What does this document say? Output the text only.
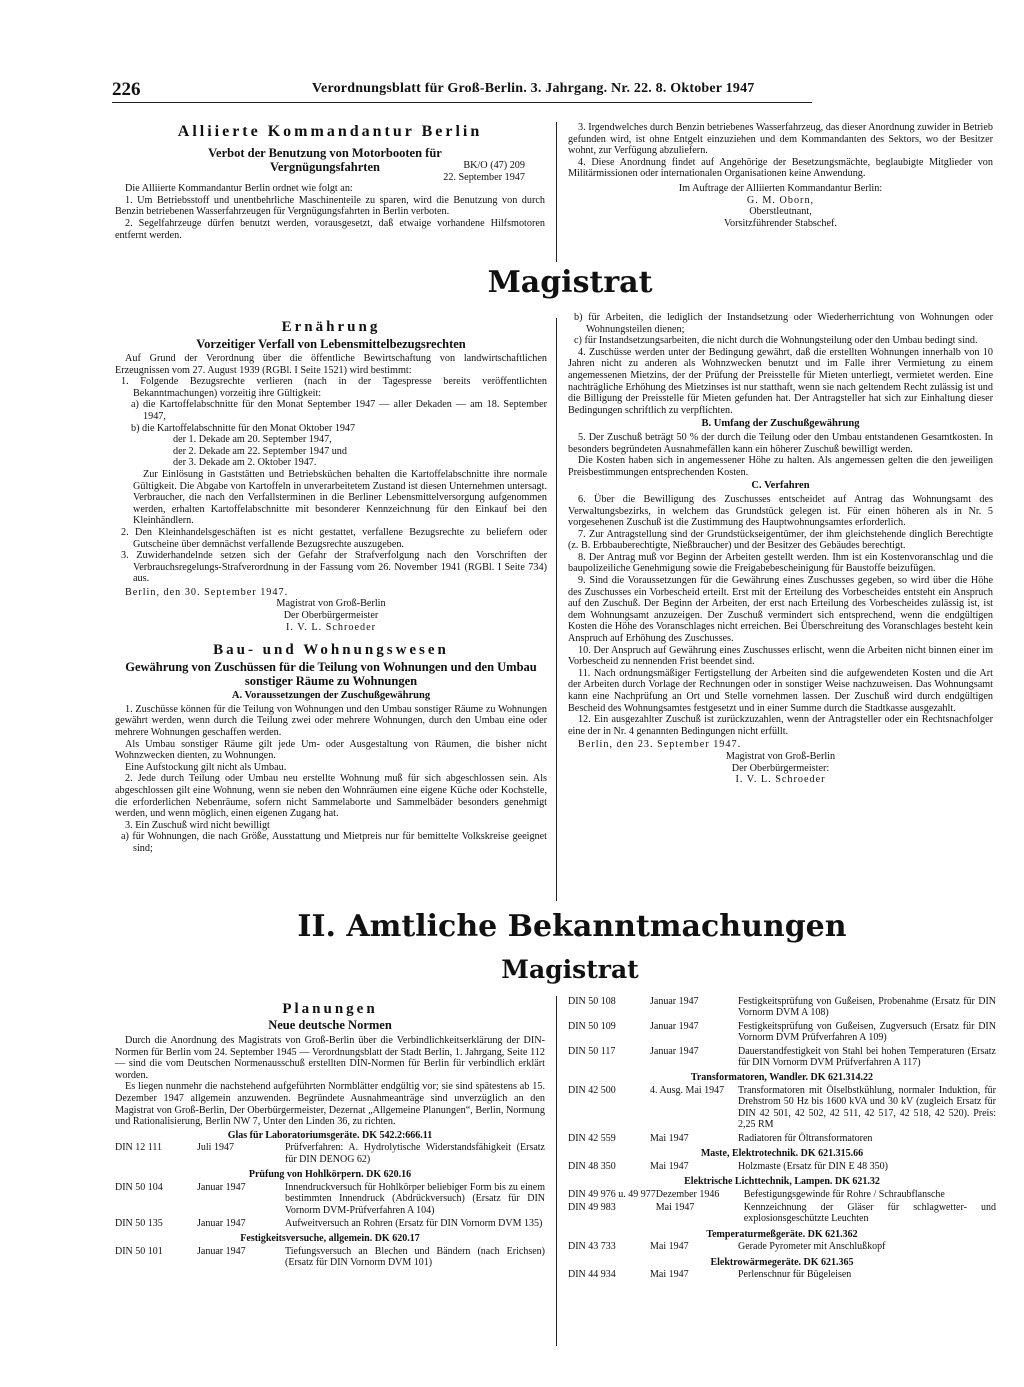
226	Verordnungsblatt für Groß-Berlin. 3. Jahrgang. Nr. 22. 8. Oktober 1947
Alliierte Kommandantur Berlin
Verbot der Benutzung von Motorbooten für Vergnügungsfahrten	BK/O (47) 209
22. September 1947

Die Alliierte Kommandantur Berlin ordnet wie folgt an:

1. Um Betriebsstoff und unentbehrliche Maschinenteile zu sparen, wird die Benutzung von durch Benzin betriebenen Wasserfahrzeugen für Vergnügungsfahrten in Berlin verboten.

2. Segelfahrzeuge dürfen benutzt werden, vorausgesetzt, daß etwaige vorhandene Hilfsmotoren entfernt werden.

3. Irgendwelches durch Benzin betriebenes Wasserfahrzeug, das dieser Anordnung zuwider in Betrieb gefunden wird, ist ohne Entgelt einzuziehen und dem Kommandanten des Sektors, wo der Besitzer wohnt, zur Verfügung abzuliefern.

4. Diese Anordnung findet auf Angehörige der Besetzungsmächte, beglaubigte Mitglieder von Militärmissionen oder internationalen Organisationen keine Anwendung.

Im Auftrage der Alliierten Kommandantur Berlin:
G. M. Oborn,
Oberstleutnant,
Vorsitzführender Stabschef.
Magistrat
Ernährung
Vorzeitiger Verfall von Lebensmittelbezugsrechten

Auf Grund der Verordnung über die öffentliche Bewirtschaftung von landwirtschaftlichen Erzeugnissen vom 27. August 1939 (RGBl. I Seite 1521) wird bestimmt:

1. Folgende Bezugsrechte verlieren (nach in der Tagespresse bereits veröffentlichten Bekanntmachungen) vorzeitig ihre Gültigkeit:

a) die Kartoffelabschnitte für den Monat September 1947 — aller Dekaden — am 18. September 1947,

b) die Kartoffelabschnitte für den Monat Oktober 1947

der 1. Dekade am 20. September 1947,

der 2. Dekade am 22. September 1947 und

der 3. Dekade am 2. Oktober 1947.

Zur Einlösung in Gaststätten und Betriebsküchen behalten die Kartoffelabschnitte ihre normale Gültigkeit. Die Abgabe von Kartoffeln in unverarbeitetem Zustand ist diesen Unternehmen untersagt. Verbraucher, die nach den Verfallsterminen in die Berliner Lebensmittelversorgung aufgenommen werden, erhalten Kartoffelabschnitte mit besonderer Kennzeichnung für den Einkauf bei den Kleinhändlern.

2. Den Kleinhandelsgeschäften ist es nicht gestattet, verfallene Bezugsrechte zu beliefern oder Gutscheine über demnächst verfallende Bezugsrechte auszugeben.

3. Zuwiderhandelnde setzen sich der Gefahr der Strafverfolgung nach den Vorschriften der Verbrauchsregelungs-Strafverordnung in der Fassung vom 26. November 1941 (RGBl. I Seite 734) aus.

Berlin, den 30. September 1947.

Magistrat von Groß-Berlin
Der Oberbürgermeister
I. V. L. Schroeder
Bau- und Wohnungswesen
Gewährung von Zuschüssen für die Teilung von Wohnungen und den Umbau sonstiger Räume zu Wohnungen
A. Voraussetzungen der Zuschußgewährung

1. Zuschüsse können für die Teilung von Wohnungen und den Umbau sonstiger Räume zu Wohnungen gewährt werden, wenn durch die Teilung zwei oder mehrere Wohnungen, durch den Umbau eine oder mehrere Wohnungen geschaffen werden.

Als Umbau sonstiger Räume gilt jede Um- oder Ausgestaltung von Räumen, die bisher nicht Wohnzwecken dienten, zu Wohnungen.

Eine Aufstockung gilt nicht als Umbau.

2. Jede durch Teilung oder Umbau neu erstellte Wohnung muß für sich abgeschlossen sein. Als abgeschlossen gilt eine Wohnung, wenn sie neben den Wohnräumen eine eigene Küche oder Kochstelle, die erforderlichen Nebenräume, sofern nicht Sammelaborte und Sammelbäder besonders genehmigt werden, und wenn möglich, einen eigenen Zugang hat.

3. Ein Zuschuß wird nicht bewilligt

a) für Wohnungen, die nach Größe, Ausstattung und Mietpreis nur für bemittelte Volkskreise geeignet sind;

b) für Arbeiten, die lediglich der Instandsetzung oder Wiederherrichtung von Wohnungen oder Wohnungsteilen dienen;

c) für Instandsetzungsarbeiten, die nicht durch die Wohnungsteilung oder den Umbau bedingt sind.

4. Zuschüsse werden unter der Bedingung gewährt, daß die erstellten Wohnungen innerhalb von 10 Jahren nicht zu anderen als Wohnzwecken benutzt und im Falle ihrer Vermietung zu einem angemessenen Mietzins, der der Prüfung der Preisstelle für Mieten unterliegt, vermietet werden. Eine nachträgliche Erhöhung des Mietzinses ist nur statthaft, wenn sie nach geltendem Recht zulässig ist und die Billigung der Preisstelle für Mieten gefunden hat. Der Antragsteller hat sich zur Einhaltung dieser Bedingungen schriftlich zu verpflichten.

B. Umfang der Zuschußgewährung

5. Der Zuschuß beträgt 50 % der durch die Teilung oder den Umbau entstandenen Gesamtkosten. In besonders begründeten Ausnahmefällen kann ein höherer Zuschuß bewilligt werden.

Die Kosten haben sich in angemessener Höhe zu halten. Als angemessen gelten die den jeweiligen Preisbestimmungen entsprechenden Kosten.

C. Verfahren

6. Über die Bewilligung des Zuschusses entscheidet auf Antrag das Wohnungsamt des Verwaltungsbezirks, in welchem das Grundstück gelegen ist. Für einen höheren als in Nr. 5 vorgesehenen Zuschuß ist die Zustimmung des Hauptwohnungsamtes erforderlich.

7. Zur Antragstellung sind der Grundstückseigentümer, der ihm gleichstehende dinglich Berechtigte (z. B. Erbbauberechtigte, Nießbraucher) und der Besitzer des Gebäudes berechtigt.

8. Der Antrag muß vor Beginn der Arbeiten gestellt werden. Ihm ist ein Kostenvoranschlag und die baupolizeiliche Genehmigung sowie die Freigabebescheinigung für Baustoffe beizufügen.

9. Sind die Voraussetzungen für die Gewährung eines Zuschusses gegeben, so wird über die Höhe des Zuschusses ein Vorbescheid erteilt. Erst mit der Erteilung des Vorbescheides entsteht ein Anspruch auf den Zuschuß. Der Beginn der Arbeiten, der erst nach Erteilung des Vorbescheides zulässig ist, ist dem Wohnungsamt anzuzeigen. Der Zuschuß vermindert sich entsprechend, wenn die endgültigen Kosten die Höhe des Voranschlages nicht erreichen. Bei Überschreitung des Voranschlages besteht kein Anspruch auf Erhöhung des Zuschusses.

10. Der Anspruch auf Gewährung eines Zuschusses erlischt, wenn die Arbeiten nicht binnen einer im Vorbescheid zu nennenden Frist beendet sind.

11. Nach ordnungsmäßiger Fertigstellung der Arbeiten sind die aufgewendeten Kosten und die Art der Arbeiten durch Vorlage der Rechnungen oder in sonstiger Weise nachzuweisen. Das Wohnungsamt kann eine Nachprüfung an Ort und Stelle vornehmen lassen. Der Zuschuß wird durch endgültigen Bescheid des Wohnungsamtes festgesetzt und in einer Summe durch die Stadtkasse ausgezahlt.

12. Ein ausgezahlter Zuschuß ist zurückzuzahlen, wenn der Antragsteller oder ein Rechtsnachfolger eine der in Nr. 4 genannten Bedingungen nicht erfüllt.

Berlin, den 23. September 1947.

Magistrat von Groß-Berlin
Der Oberbürgermeister:
I. V. L. Schroeder
II. Amtliche Bekanntmachungen
Magistrat
Planungen
Neue deutsche Normen

Durch die Anordnung des Magistrats von Groß-Berlin über die Verbindlichkeitserklärung der DIN-Normen für Berlin vom 24. September 1945 — Verordnungsblatt der Stadt Berlin, 1. Jahrgang, Seite 112 — sind die vom Deutschen Normenausschuß erstellten DIN-Normen für Berlin für verbindlich erklärt worden.

Es liegen nunmehr die nachstehend aufgeführten Normblätter endgültig vor; sie sind spätestens ab 15. Dezember 1947 allgemein anzuwenden. Begründete Ausnahmeanträge sind unverzüglich an den Magistrat von Groß-Berlin, Der Oberbürgermeister, Dezernat „Allgemeine Planungen“, Berlin, Normung und Rationalisierung, Berlin NW 7, Unter den Linden 36, zu richten.

Glas für Laboratoriumsgeräte. DK 542.2:666.11
DIN 12 111	Juli 1947	Prüfverfahren: A. Hydrolytische Widerstandsfähigkeit (Ersatz für DIN DENOG 62)
Prüfung von Hohlkörpern. DK 620.16
DIN 50 104	Januar 1947	Innendruckversuch für Hohlkörper beliebiger Form bis zu einem bestimmten Innendruck (Abdrückversuch) (Ersatz für DIN Vornorm DVM-Prüfverfahren A 104)
DIN 50 135	Januar 1947	Aufweitversuch an Rohren (Ersatz für DIN Vornorm DVM 135)
Festigkeitsversuche, allgemein. DK 620.17
DIN 50 101	Januar 1947	Tiefungsversuch an Blechen und Bändern (nach Erichsen) (Ersatz für DIN Vornorm DVM 101)
DIN 50 108	Januar 1947	Festigkeitsprüfung von Gußeisen, Probenahme (Ersatz für DIN Vornorm DVM A 108)
DIN 50 109	Januar 1947	Festigkeitsprüfung von Gußeisen, Zugversuch (Ersatz für DIN Vornorm DVM Prüfverfahren A 109)
DIN 50 117	Januar 1947	Dauerstandfestigkeit von Stahl bei hohen Temperaturen (Ersatz für DIN Vornorm DVM Prüfverfahren A 117)
Transformatoren, Wandler. DK 621.314.22
DIN 42 500	4. Ausg. Mai 1947	Transformatoren mit Ölselbstkühlung, normaler Induktion, für Drehstrom 50 Hz bis 1600 kVA und 30 kV (zugleich Ersatz für DIN 42 501, 42 502, 42 511, 42 517, 42 518, 42 520). Preis: 2,25 RM
DIN 42 559	Mai 1947	Radiatoren für Öltransformatoren
Maste, Elektrotechnik. DK 621.315.66
DIN 48 350	Mai 1947	Holzmaste (Ersatz für DIN E 48 350)
Elektrische Lichttechnik, Lampen. DK 621.32
DIN 49 976 u. 49 977	Dezember 1946	Befestigungsgewinde für Rohre / Schraubflansche
DIN 49 983	Mai 1947	Kennzeichnung der Gläser für schlagwetter- und explosionsgeschützte Leuchten
Temperaturmeßgeräte. DK 621.362
DIN 43 733	Mai 1947	Gerade Pyrometer mit Anschlußkopf
Elektrowärmegeräte. DK 621.365
DIN 44 934	Mai 1947	Perlenschnur für Bügeleisen
